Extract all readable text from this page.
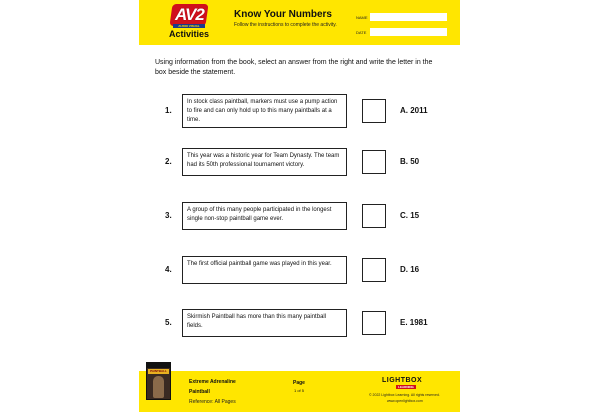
AV2
AUDIO VISUAL
Activities
Know Your Numbers
Follow the instructions to complete the activity.
NAME
DATE
Using information from the book, select an answer from the right and write the letter in the box beside the statement.
1.
In stock class paintball, markers must use a pump action to fire and can only hold up to this many paintballs at a time.
A. 2011
2.
This year was a historic year for Team Dynasty. The team had its 50th professional tournament victory.	B. 50
3.
A group of this many people participated in the longest single non-stop paintball game ever.	C. 15
4.
The first official paintball game was played in this year.
D. 16
5.
Skirmish Paintball has more than this many paintball fields.	E. 1981
PAINTBALL
Extreme Adrenaline
Paintball
Reference: All Pages
Page
1 of 5
LIGHTBOX
LEARNING
© 2022 Lightbox Learning. All rights reserved.
www.openlightbox.com
